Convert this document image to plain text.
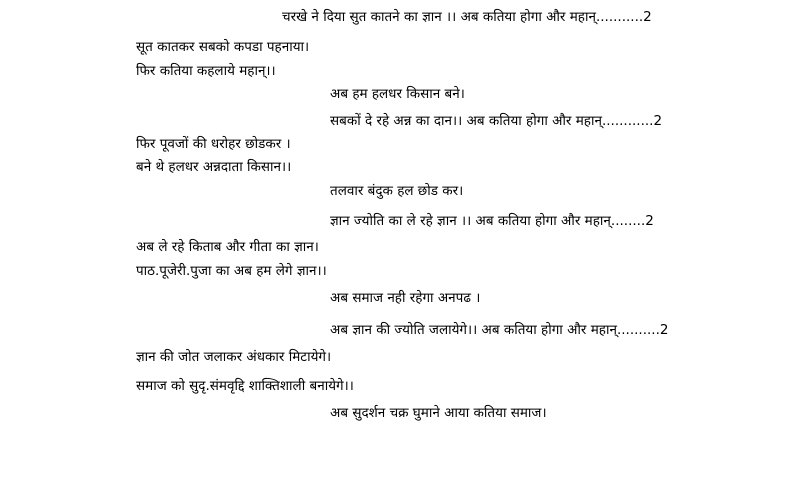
चरखे ने दिया सुत कातने का ज्ञान ।। अब कतिया होगा और महान्...........2
सूत कातकर सबको कपडा पहनाया।
फिर कतिया कहलाये महान्।।
अब हम हलधर किसान बने।
सबकों दे रहे अन्न का दान।। अब कतिया होगा और महान्............2
फिर पूवजों की धरोहर छोडकर ।
बने थे हलधर अन्नदाता किसान।।
तलवार बंदुक हल छोड कर।
ज्ञान ज्योति का ले रहे ज्ञान ।। अब कतिया होगा और महान्........2
अब ले रहे किताब और गीता का ज्ञान।
पाठ.पूजेरी.पुजा का अब हम लेगे ज्ञान।।
अब समाज नही रहेगा अनपढ ।
अब ज्ञान की ज्योति जलायेगे।। अब कतिया होगा और महान्..........2
ज्ञान की जोत जलाकर अंधकार मिटायेगे।
समाज को सुदृ.संमवृद्दि शाक्तिशाली बनायेगे।।
अब सुदर्शन चक्र घुमाने आया कतिया समाज।
